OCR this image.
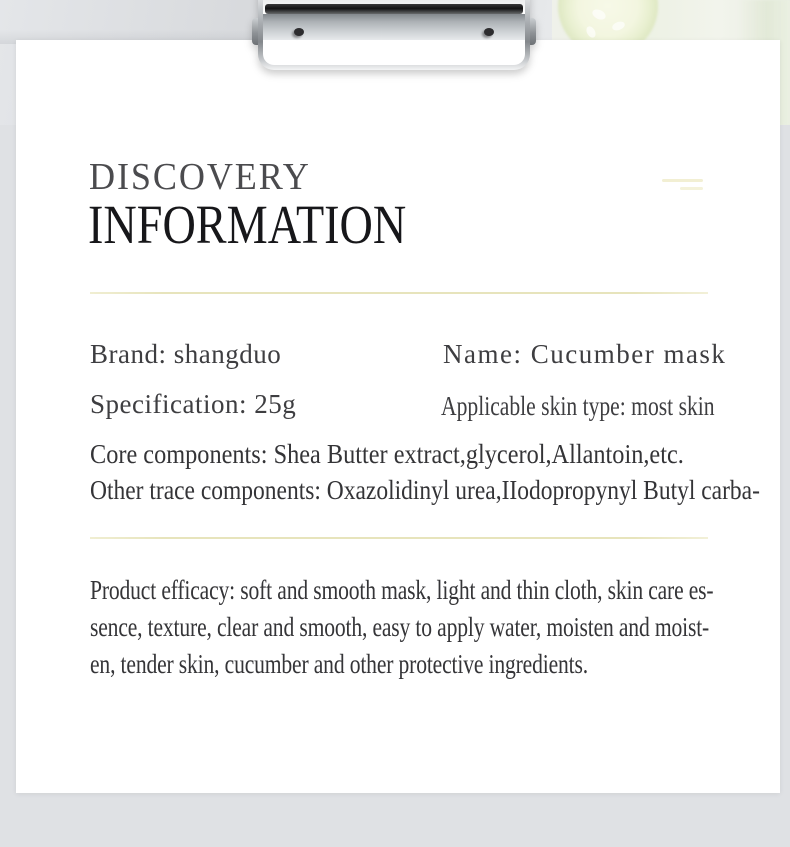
DISCOVERY
INFORMATION
Brand: shangduo	Name: Cucumber mask
Specification: 25g	Applicable skin type: most skin
Core components: Shea Butter extract,glycerol,Allantoin,etc.
Other trace components: Oxazolidinyl urea,IIodopropynyl Butyl carba-
Product efficacy: soft and smooth mask, light and thin cloth, skin care es-
sence, texture, clear and smooth, easy to apply water, moisten and moist-
en, tender skin, cucumber and other protective ingredients.
